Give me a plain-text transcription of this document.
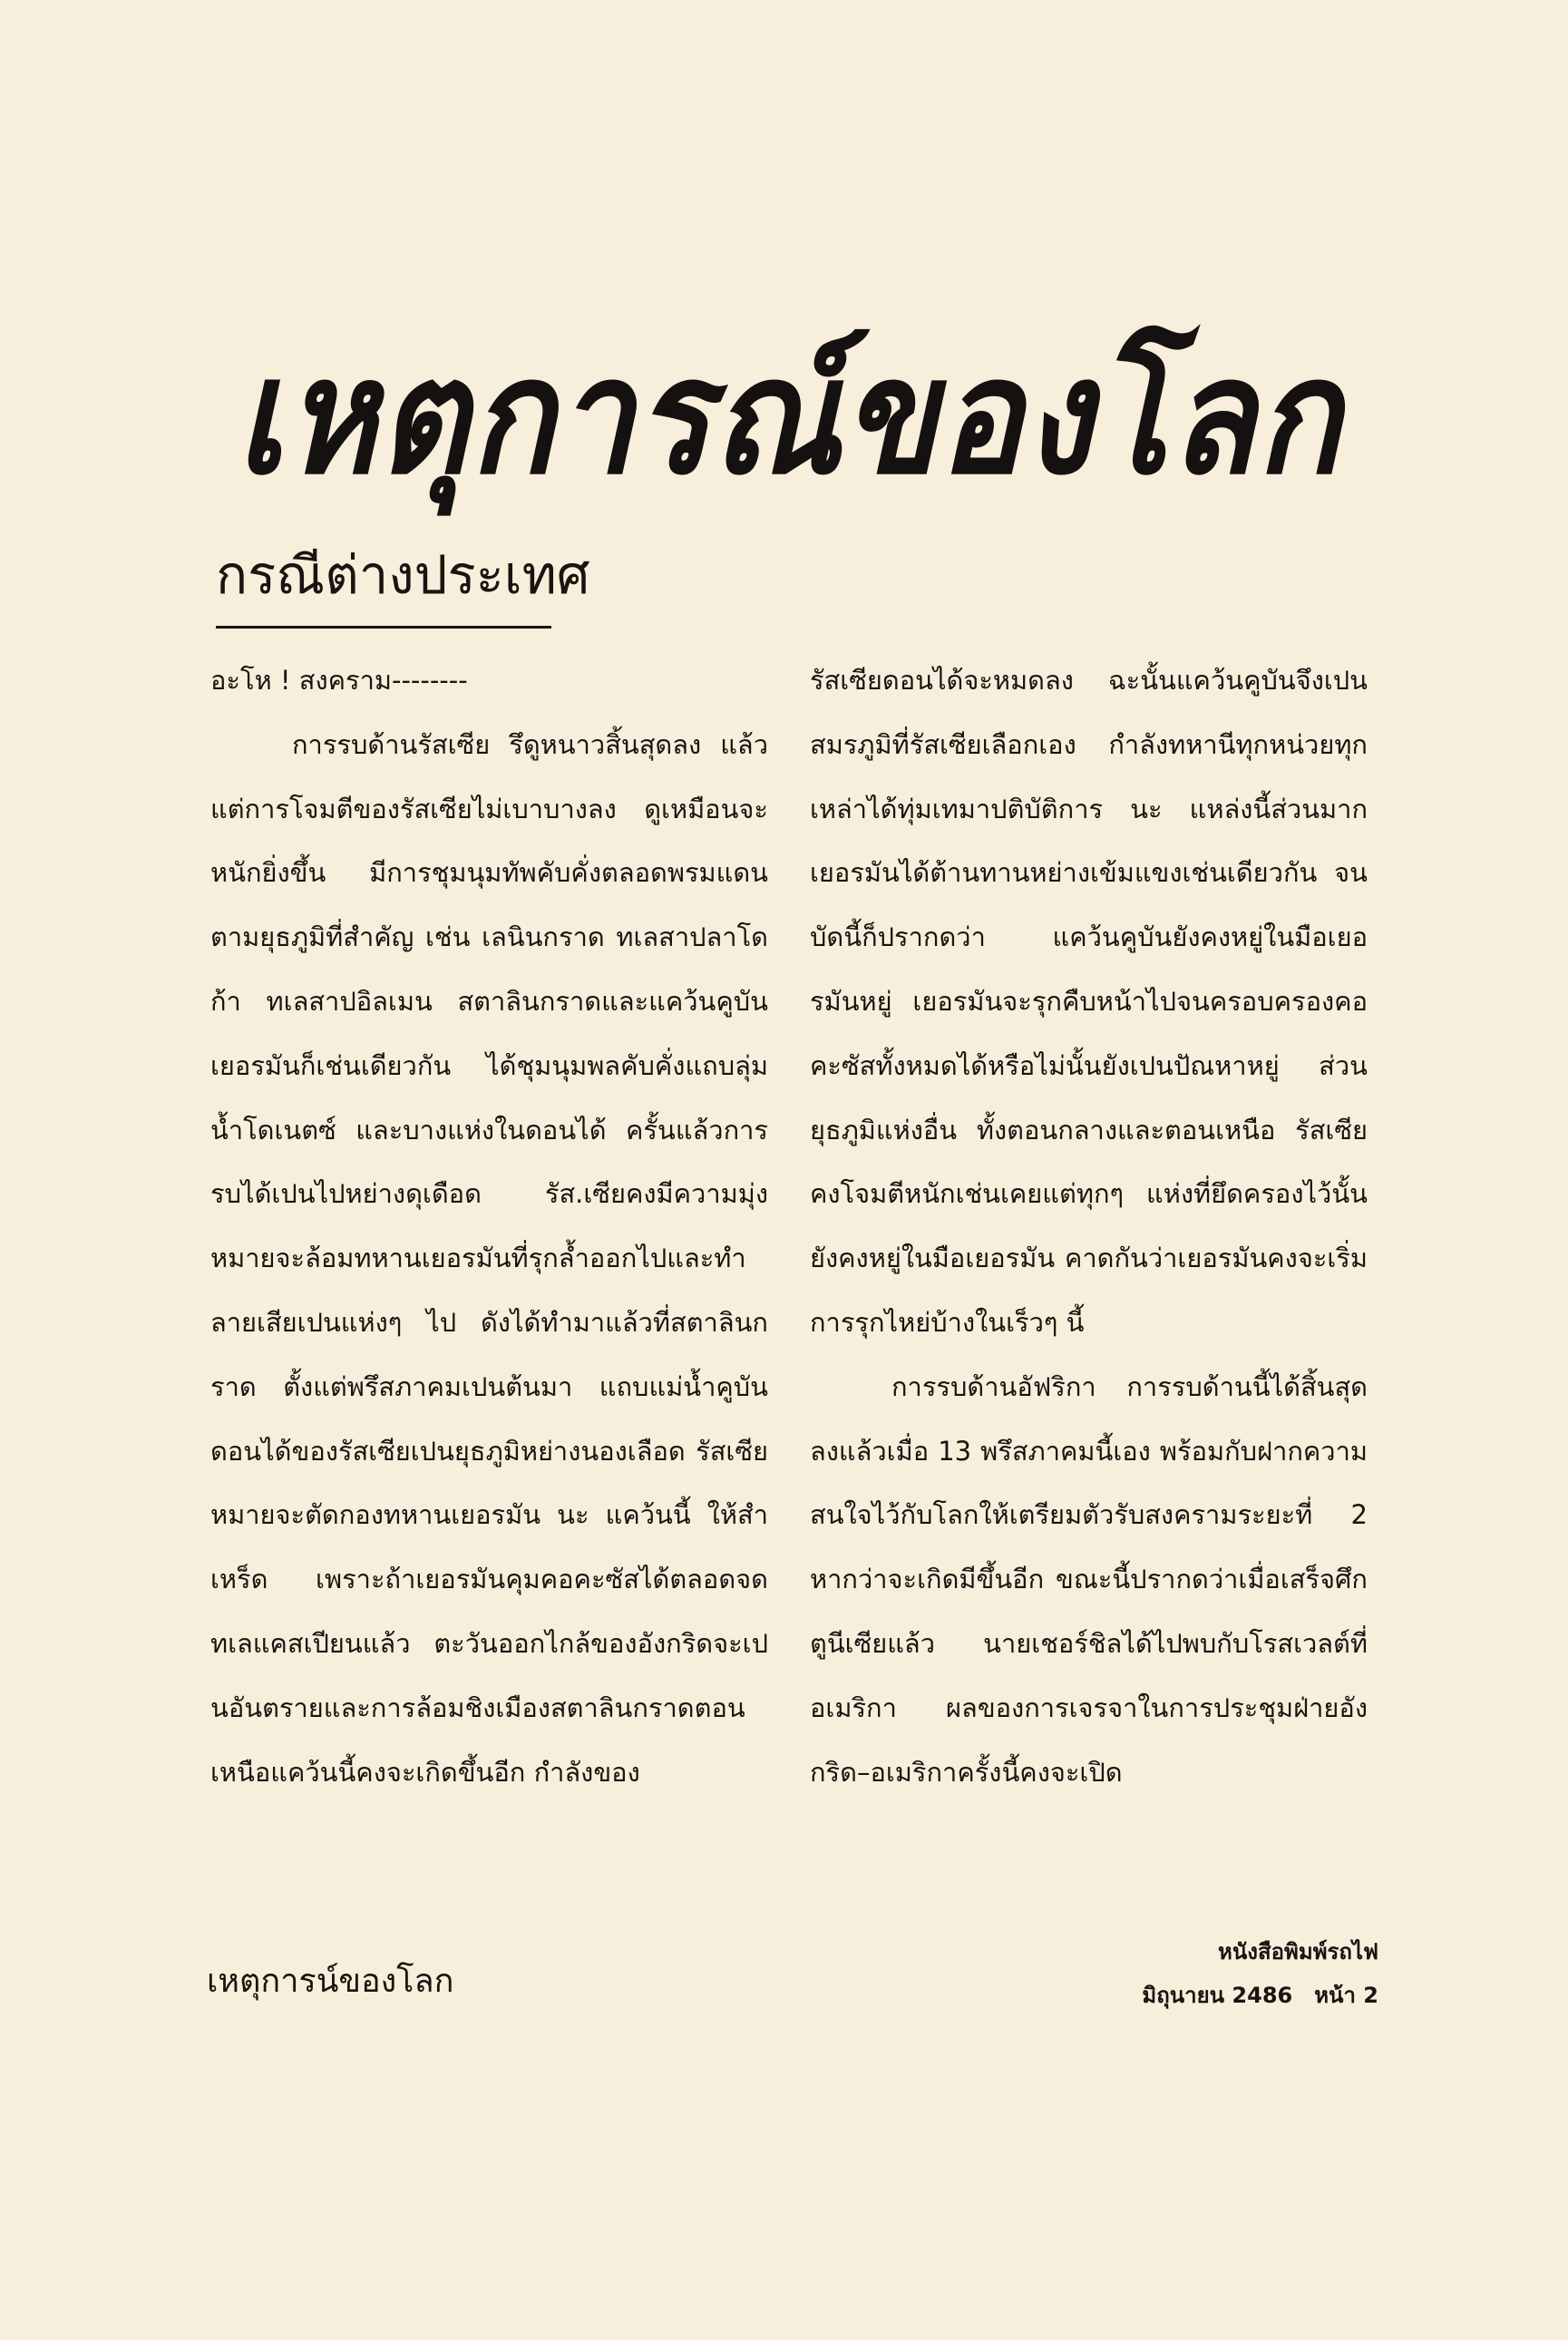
เหตุการณ์ของโลก
กรณีต่างประเทศ

อะโห ! สงคราม--------

การรบด้านรัสเซีย รึดูหนาวสิ้นสุดลง แล้วแต่การโจมตีของรัสเซียไม่เบาบางลง ดูเหมือนจะหนักยิ่งขึ้น มีการชุมนุมทัพคับคั่งตลอดพรมแดนตามยุธภูมิที่สำคัญ เช่น เลนินกราด ทเลสาปลาโดก้า ทเลสาปอิลเมน สตาลินกราดและแคว้นคูบัน เยอรมันก็เช่นเดียวกัน ได้ชุมนุมพลคับคั่งแถบลุ่มน้ำโดเนตซ์ และบางแห่งในดอนได้ ครั้นแล้วการรบได้เปนไปหย่างดุเดือด รัส.เซียคงมีความมุ่งหมายจะล้อมทหานเยอรมันที่รุกล้ำออกไปและทำลายเสียเปนแห่งๆ ไป ดังได้ทำมาแล้วที่สตาลินกราด ตั้งแต่พรึสภาคมเปนต้นมา แถบแม่น้ำคูบันดอนได้ของรัสเซียเปนยุธภูมิหย่างนองเลือด รัสเซียหมายจะตัดกองทหานเยอรมัน นะ แคว้นนี้ ให้สำเหร็ด เพราะถ้าเยอรมันคุมคอคะซัสได้ตลอดจดทเลแคสเปียนแล้ว ตะวันออกไกล้ของอังกริดจะเปนอันตรายและการล้อมชิงเมืองสตาลินกราดตอนเหนือแคว้นนี้คงจะเกิดขึ้นอีก กำลังของ

รัสเซียดอนได้จะหมดลง ฉะนั้นแคว้นคูบันจึงเปนสมรภูมิที่รัสเซียเลือกเอง กำลังทหานีทุกหน่วยทุกเหล่าได้ทุ่มเทมาปติบัติการ นะ แหล่งนี้ส่วนมาก เยอรมันได้ต้านทานหย่างเข้มแขงเช่นเดียวกัน จนบัดนี้ก็ปรากดว่า แคว้นคูบันยังคงหยู่ในมือเยอรมันหยู่ เยอรมันจะรุกคืบหน้าไปจนครอบครองคอคะซัสทั้งหมดได้หรือไม่นั้นยังเปนปัณหาหยู่ ส่วนยุธภูมิแห่งอื่น ทั้งตอนกลางและตอนเหนือ รัสเซียคงโจมตีหนักเช่นเคยแต่ทุกๆ แห่งที่ยึดครองไว้นั้นยังคงหยู่ในมือเยอรมัน คาดกันว่าเยอรมันคงจะเริ่มการรุกไหย่บ้างในเร็วๆ นี้

การรบด้านอัฟริกา การรบด้านนี้ได้สิ้นสุดลงแล้วเมื่อ 13 พรึสภาคมนี้เอง พร้อมกับฝากความสนใจไว้กับโลกให้เตรียมตัวรับสงครามระยะที่ 2 หากว่าจะเกิดมีขึ้นอีก ขณะนี้ปรากดว่าเมื่อเสร็จศึกตูนีเซียแล้ว นายเชอร์ชิลได้ไปพบกับโรสเวลต์ที่อเมริกา ผลของการเจรจาในการประชุมฝ่ายอังกริด–อเมริกาครั้งนี้คงจะเปิด

เหตุการน์ของโลก
หนังสือพิมพ์รถไฟ
มิถุนายน 2486 หน้า 2
